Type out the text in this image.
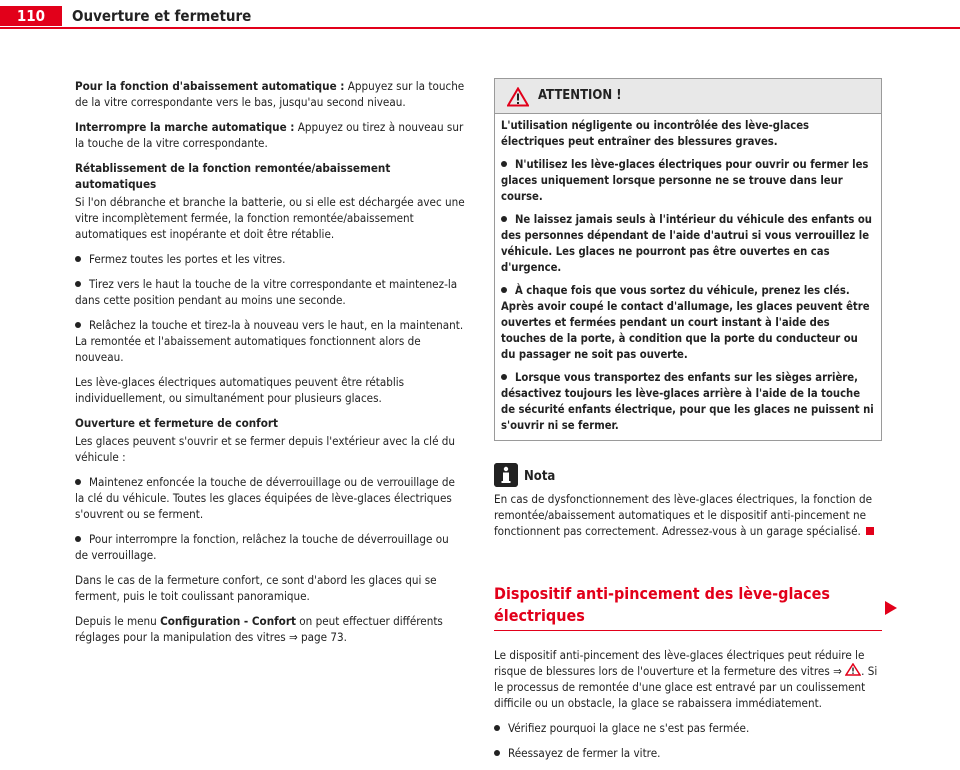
110	Ouverture et fermeture

Pour la fonction d'abaissement automatique : Appuyez sur la touche de la vitre correspondante vers le bas, jusqu'au second niveau.

Interrompre la marche automatique : Appuyez ou tirez à nouveau sur la touche de la vitre correspondante.

Rétablissement de la fonction remontée/abaissement automatiques

Si l'on débranche et branche la batterie, ou si elle est déchargée avec une vitre incomplètement fermée, la fonction remontée/abaissement automatiques est inopérante et doit être rétablie.

Fermez toutes les portes et les vitres.

Tirez vers le haut la touche de la vitre correspondante et maintenez-la dans cette position pendant au moins une seconde.

Relâchez la touche et tirez-la à nouveau vers le haut, en la maintenant. La remontée et l'abaissement automatiques fonctionnent alors de nouveau.

Les lève-glaces électriques automatiques peuvent être rétablis individuellement, ou simultanément pour plusieurs glaces.

Ouverture et fermeture de confort

Les glaces peuvent s'ouvrir et se fermer depuis l'extérieur avec la clé du véhicule :

Maintenez enfoncée la touche de déverrouillage ou de verrouillage de la clé du véhicule. Toutes les glaces équipées de lève-glaces électriques s'ouvrent ou se ferment.

Pour interrompre la fonction, relâchez la touche de déverrouillage ou de verrouillage.

Dans le cas de la fermeture confort, ce sont d'abord les glaces qui se ferment, puis le toit coulissant panoramique.

Depuis le menu Configuration - Confort on peut effectuer différents réglages pour la manipulation des vitres ⇒ page 73.

ATTENTION !

L'utilisation négligente ou incontrôlée des lève-glaces électriques peut entraîner des blessures graves.

N'utilisez les lève-glaces électriques pour ouvrir ou fermer les glaces uniquement lorsque personne ne se trouve dans leur course.

Ne laissez jamais seuls à l'intérieur du véhicule des enfants ou des personnes dépendant de l'aide d'autrui si vous verrouillez le véhicule. Les glaces ne pourront pas être ouvertes en cas d'urgence.

À chaque fois que vous sortez du véhicule, prenez les clés. Après avoir coupé le contact d'allumage, les glaces peuvent être ouvertes et fermées pendant un court instant à l'aide des touches de la porte, à condition que la porte du conducteur ou du passager ne soit pas ouverte.

Lorsque vous transportez des enfants sur les sièges arrière, désactivez toujours les lève-glaces arrière à l'aide de la touche de sécurité enfants électrique, pour que les glaces ne puissent ni s'ouvrir ni se fermer.

Nota

En cas de dysfonctionnement des lève-glaces électriques, la fonction de remontée/abaissement automatiques et le dispositif anti-pincement ne fonctionnent pas correctement. Adressez-vous à un garage spécialisé.

Dispositif anti-pincement des lève-glaces électriques

Le dispositif anti-pincement des lève-glaces électriques peut réduire le risque de blessures lors de l'ouverture et la fermeture des vitres ⇒ . Si le processus de remontée d'une glace est entravé par un coulissement difficile ou un obstacle, la glace se rabaissera immédiatement.

Vérifiez pourquoi la glace ne s'est pas fermée.

Réessayez de fermer la vitre.
